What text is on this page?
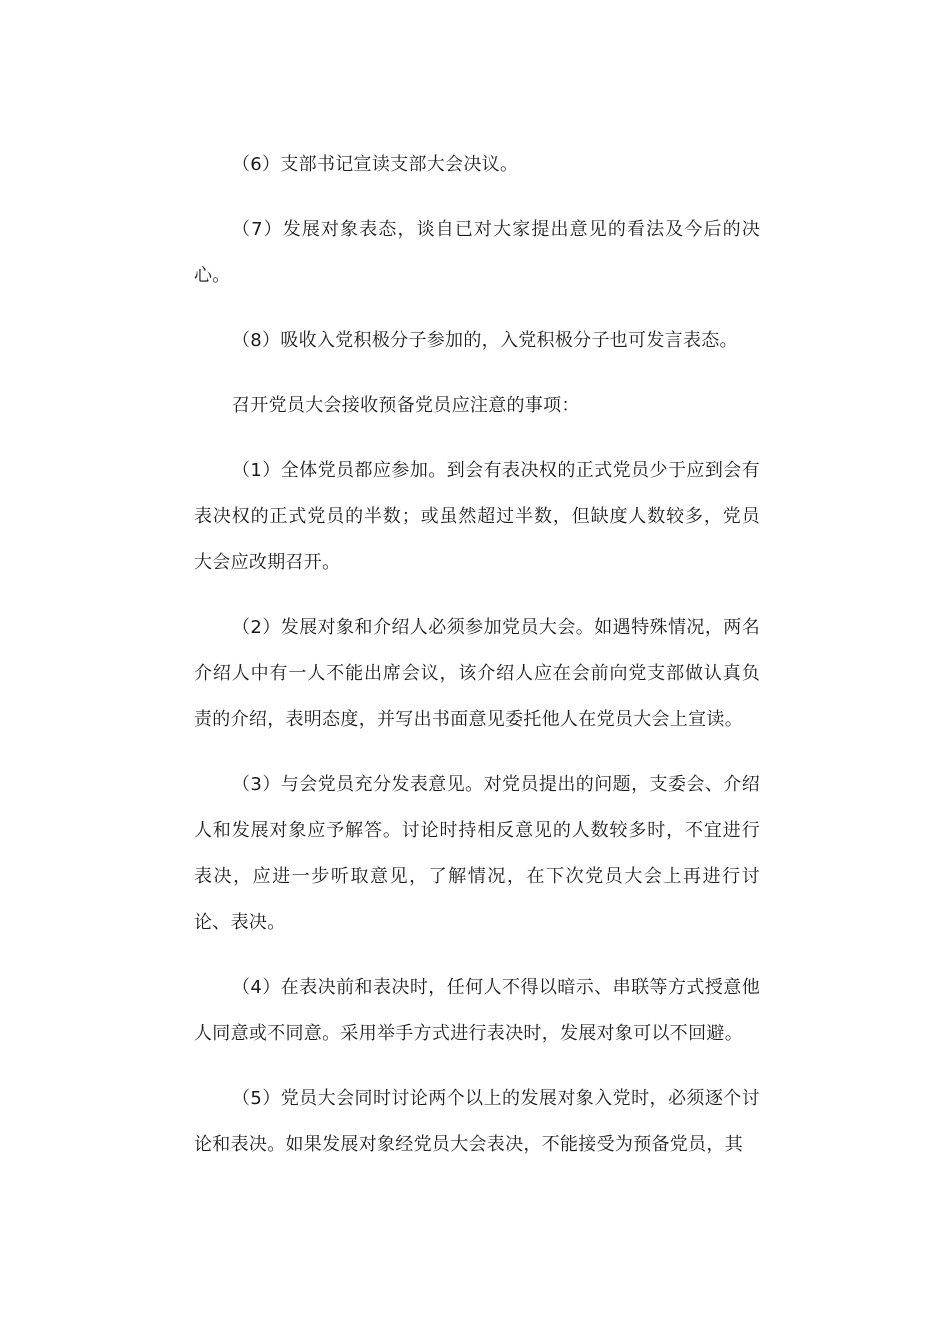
（6）支部书记宣读支部大会决议。

（7）发展对象表态，谈自已对大家提出意见的看法及今后的决心。

（8）吸收入党积极分子参加的，入党积极分子也可发言表态。

召开党员大会接收预备党员应注意的事项：

（1）全体党员都应参加。到会有表决权的正式党员少于应到会有表决权的正式党员的半数；或虽然超过半数，但缺度人数较多，党员大会应改期召开。

（2）发展对象和介绍人必须参加党员大会。如遇特殊情况，两名介绍人中有一人不能出席会议，该介绍人应在会前向党支部做认真负责的介绍，表明态度，并写出书面意见委托他人在党员大会上宣读。

（3）与会党员充分发表意见。对党员提出的问题，支委会、介绍人和发展对象应予解答。讨论时持相反意见的人数较多时，不宜进行表决，应进一步听取意见，了解情况，在下次党员大会上再进行讨论、表决。

（4）在表决前和表决时，任何人不得以暗示、串联等方式授意他人同意或不同意。采用举手方式进行表决时，发展对象可以不回避。

（5）党员大会同时讨论两个以上的发展对象入党时，必须逐个讨论和表决。如果发展对象经党员大会表决，不能接受为预备党员，其
